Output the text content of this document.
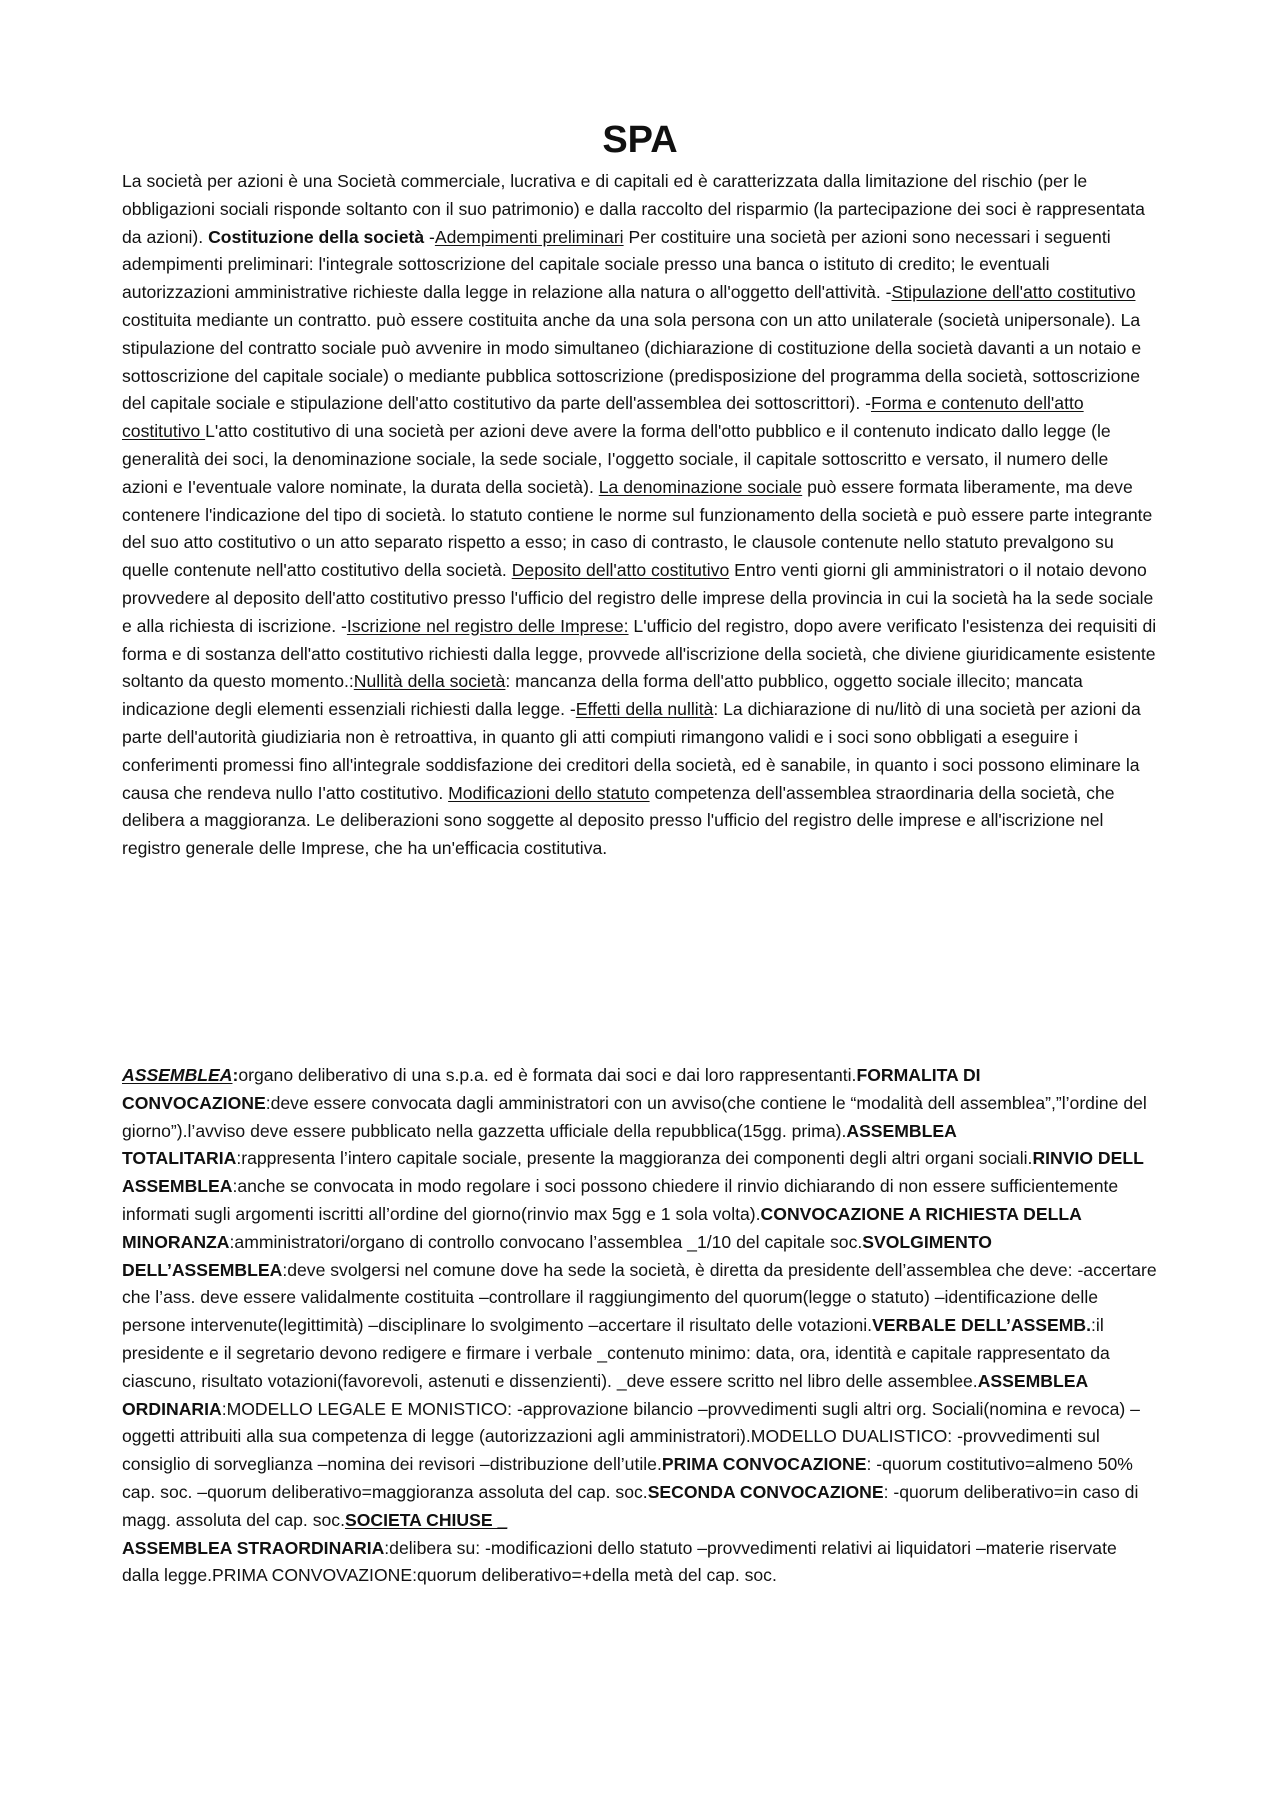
SPA

La società per azioni è una Società commerciale, lucrativa e di capitali ed è caratterizzata dalla limitazione del rischio (per le obbligazioni sociali risponde soltanto con il suo patrimonio) e dalla raccolto del risparmio (la partecipazione dei soci è rappresentata da azioni). Costituzione della società -Adempimenti preliminari Per costituire una società per azioni sono necessari i seguenti adempimenti preliminari: l'integrale sottoscrizione del capitale sociale presso una banca o istituto di credito; le eventuali autorizzazioni amministrative richieste dalla legge in relazione alla natura o all'oggetto dell'attività. -Stipulazione dell'atto costitutivo costituita mediante un contratto. può essere costituita anche da una sola persona con un atto unilaterale (società unipersonale). La stipulazione del contratto sociale può avvenire in modo simultaneo (dichiarazione di costituzione della società davanti a un notaio e sottoscrizione del capitale sociale) o mediante pubblica sottoscrizione (predisposizione del programma della società, sottoscrizione del capitale sociale e stipulazione dell'atto costitutivo da parte dell'assemblea dei sottoscrittori). -Forma e contenuto dell'atto costitutivo L'atto costitutivo di una società per azioni deve avere la forma dell'otto pubblico e il contenuto indicato dallo legge (le generalità dei soci, la denominazione sociale, la sede sociale, I'oggetto sociale, il capitale sottoscritto e versato, il numero delle azioni e I'eventuale valore nominate, la durata della società). La denominazione sociale può essere formata liberamente, ma deve contenere l'indicazione del tipo di società. lo statuto contiene le norme sul funzionamento della società e può essere parte integrante del suo atto costitutivo o un atto separato rispetto a esso; in caso di contrasto, le clausole contenute nello statuto prevalgono su quelle contenute nell'atto costitutivo della società. Deposito dell'atto costitutivo Entro venti giorni gli amministratori o il notaio devono provvedere al deposito dell'atto costitutivo presso l'ufficio del registro delle imprese della provincia in cui la società ha la sede sociale e alla richiesta di iscrizione. -Iscrizione nel registro delle Imprese: L'ufficio del registro, dopo avere verificato l'esistenza dei requisiti di forma e di sostanza dell'atto costitutivo richiesti dalla legge, provvede all'iscrizione della società, che diviene giuridicamente esistente soltanto da questo momento.:Nullità della società: mancanza della forma dell'atto pubblico, oggetto sociale illecito; mancata indicazione degli elementi essenziali richiesti dalla legge. -Effetti della nullità: La dichiarazione di nu/litò di una società per azioni da parte dell'autorità giudiziaria non è retroattiva, in quanto gli atti compiuti rimangono validi e i soci sono obbligati a eseguire i conferimenti promessi fino all'integrale soddisfazione dei creditori della società, ed è sanabile, in quanto i soci possono eliminare la causa che rendeva nullo I'atto costitutivo. Modificazioni dello statuto competenza dell'assemblea straordinaria della società, che delibera a maggioranza. Le deliberazioni sono soggette al deposito presso l'ufficio del registro delle imprese e all'iscrizione nel registro generale delle Imprese, che ha un'efficacia costitutiva.

ASSEMBLEA:organo deliberativo di una s.p.a. ed è formata dai soci e dai loro rappresentanti.FORMALITA DI CONVOCAZIONE:deve essere convocata dagli amministratori con un avviso(che contiene le “modalità dell assemblea”,”l’ordine del giorno”).l’avviso deve essere pubblicato nella gazzetta ufficiale della repubblica(15gg. prima).ASSEMBLEA TOTALITARIA:rappresenta l’intero capitale sociale, presente la maggioranza dei componenti degli altri organi sociali.RINVIO DELL ASSEMBLEA:anche se convocata in modo regolare i soci possono chiedere il rinvio dichiarando di non essere sufficientemente informati sugli argomenti iscritti all’ordine del giorno(rinvio max 5gg e 1 sola volta).CONVOCAZIONE A RICHIESTA DELLA MINORANZA:amministratori/organo di controllo convocano l’assemblea _1/10 del capitale soc.SVOLGIMENTO DELL’ASSEMBLEA:deve svolgersi nel comune dove ha sede la società, è diretta da presidente dell’assemblea che deve: -accertare che l’ass. deve essere validalmente costituita –controllare il raggiungimento del quorum(legge o statuto) –identificazione delle persone intervenute(legittimità) –disciplinare lo svolgimento –accertare il risultato delle votazioni.VERBALE DELL’ASSEMB.:il presidente e il segretario devono redigere e firmare i verbale _contenuto minimo: data, ora, identità e capitale rappresentato da ciascuno, risultato votazioni(favorevoli, astenuti e dissenzienti). _deve essere scritto nel libro delle assemblee.ASSEMBLEA ORDINARIA:MODELLO LEGALE E MONISTICO: -approvazione bilancio –provvedimenti sugli altri org. Sociali(nomina e revoca) –oggetti attribuiti alla sua competenza di legge (autorizzazioni agli amministratori).MODELLO DUALISTICO: -provvedimenti sul consiglio di sorveglianza –nomina dei revisori –distribuzione dell’utile.PRIMA CONVOCAZIONE: -quorum costitutivo=almeno 50% cap. soc. –quorum deliberativo=maggioranza assoluta del cap. soc.SECONDA CONVOCAZIONE: -quorum deliberativo=in caso di magg. assoluta del cap. soc.SOCIETA CHIUSE _
ASSEMBLEA STRAORDINARIA:delibera su: -modificazioni dello statuto –provvedimenti relativi ai liquidatori –materie riservate dalla legge.PRIMA CONVOVAZIONE:quorum deliberativo=+della metà del cap. soc.
